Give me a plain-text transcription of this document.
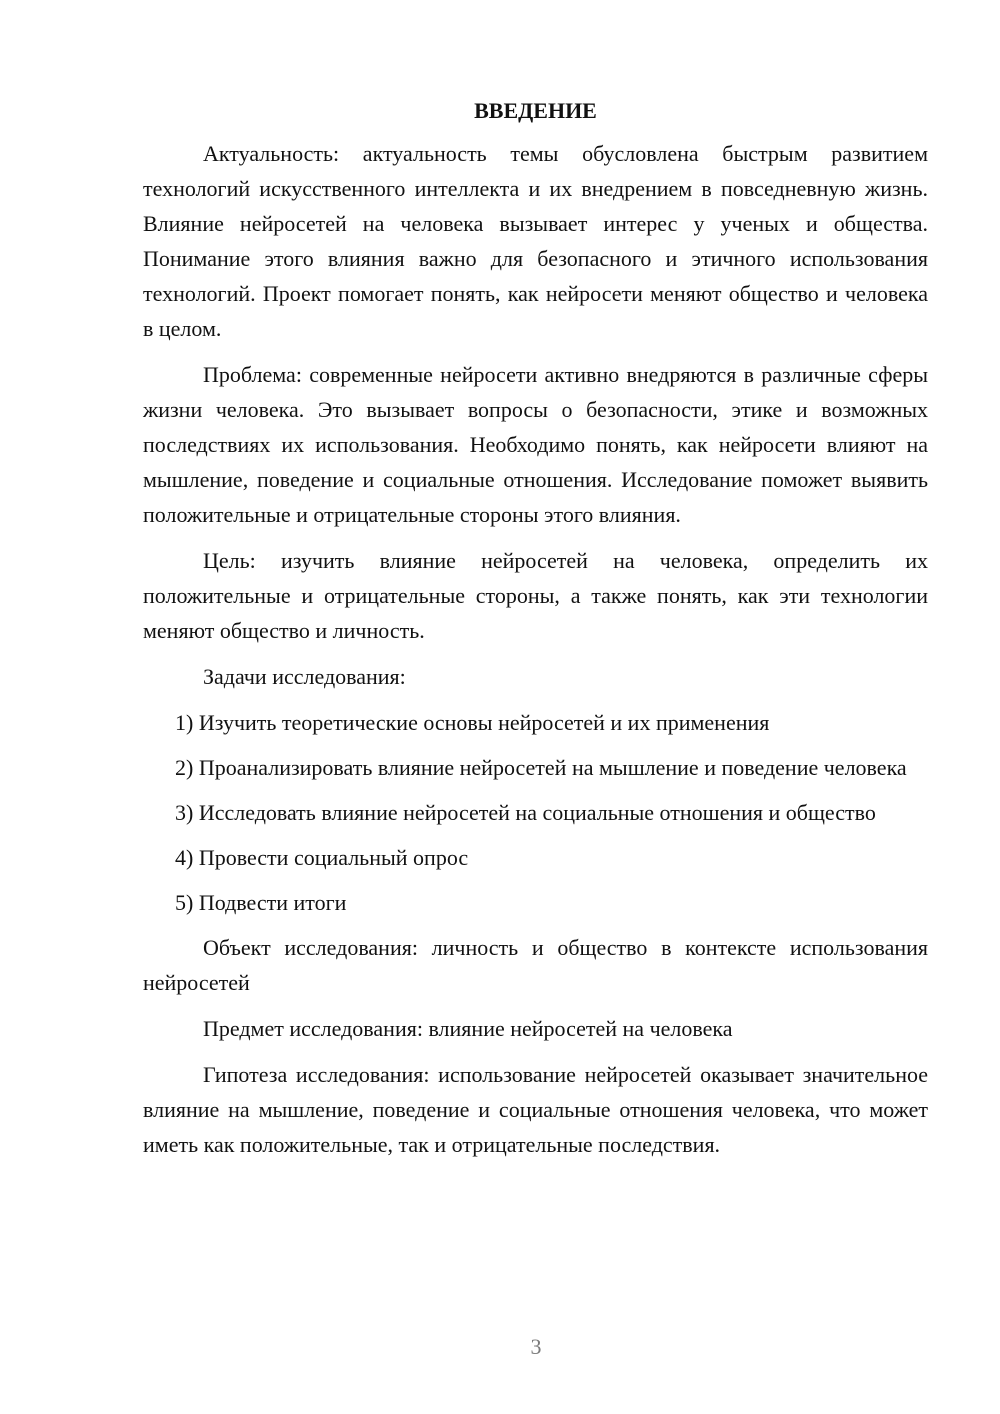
ВВЕДЕНИЕ

Актуальность: актуальность темы обусловлена быстрым развитием технологий искусственного интеллекта и их внедрением в повседневную жизнь. Влияние нейросетей на человека вызывает интерес у ученых и общества. Понимание этого влияния важно для безопасного и этичного использования технологий. Проект помогает понять, как нейросети меняют общество и человека в целом.

Проблема: современные нейросети активно внедряются в различные сферы жизни человека. Это вызывает вопросы о безопасности, этике и возможных последствиях их использования. Необходимо понять, как нейросети влияют на мышление, поведение и социальные отношения. Исследование поможет выявить положительные и отрицательные стороны этого влияния.

Цель: изучить влияние нейросетей на человека, определить их положительные и отрицательные стороны, а также понять, как эти технологии меняют общество и личность.

Задачи исследования:

1) Изучить теоретические основы нейросетей и их применения

2) Проанализировать влияние нейросетей на мышление и поведение человека

3) Исследовать влияние нейросетей на социальные отношения и общество

4) Провести социальный опрос

5) Подвести итоги

Объект исследования: личность и общество в контексте использования нейросетей

Предмет исследования: влияние нейросетей на человека

Гипотеза исследования: использование нейросетей оказывает значительное влияние на мышление, поведение и социальные отношения человека, что может иметь как положительные, так и отрицательные последствия.

3
